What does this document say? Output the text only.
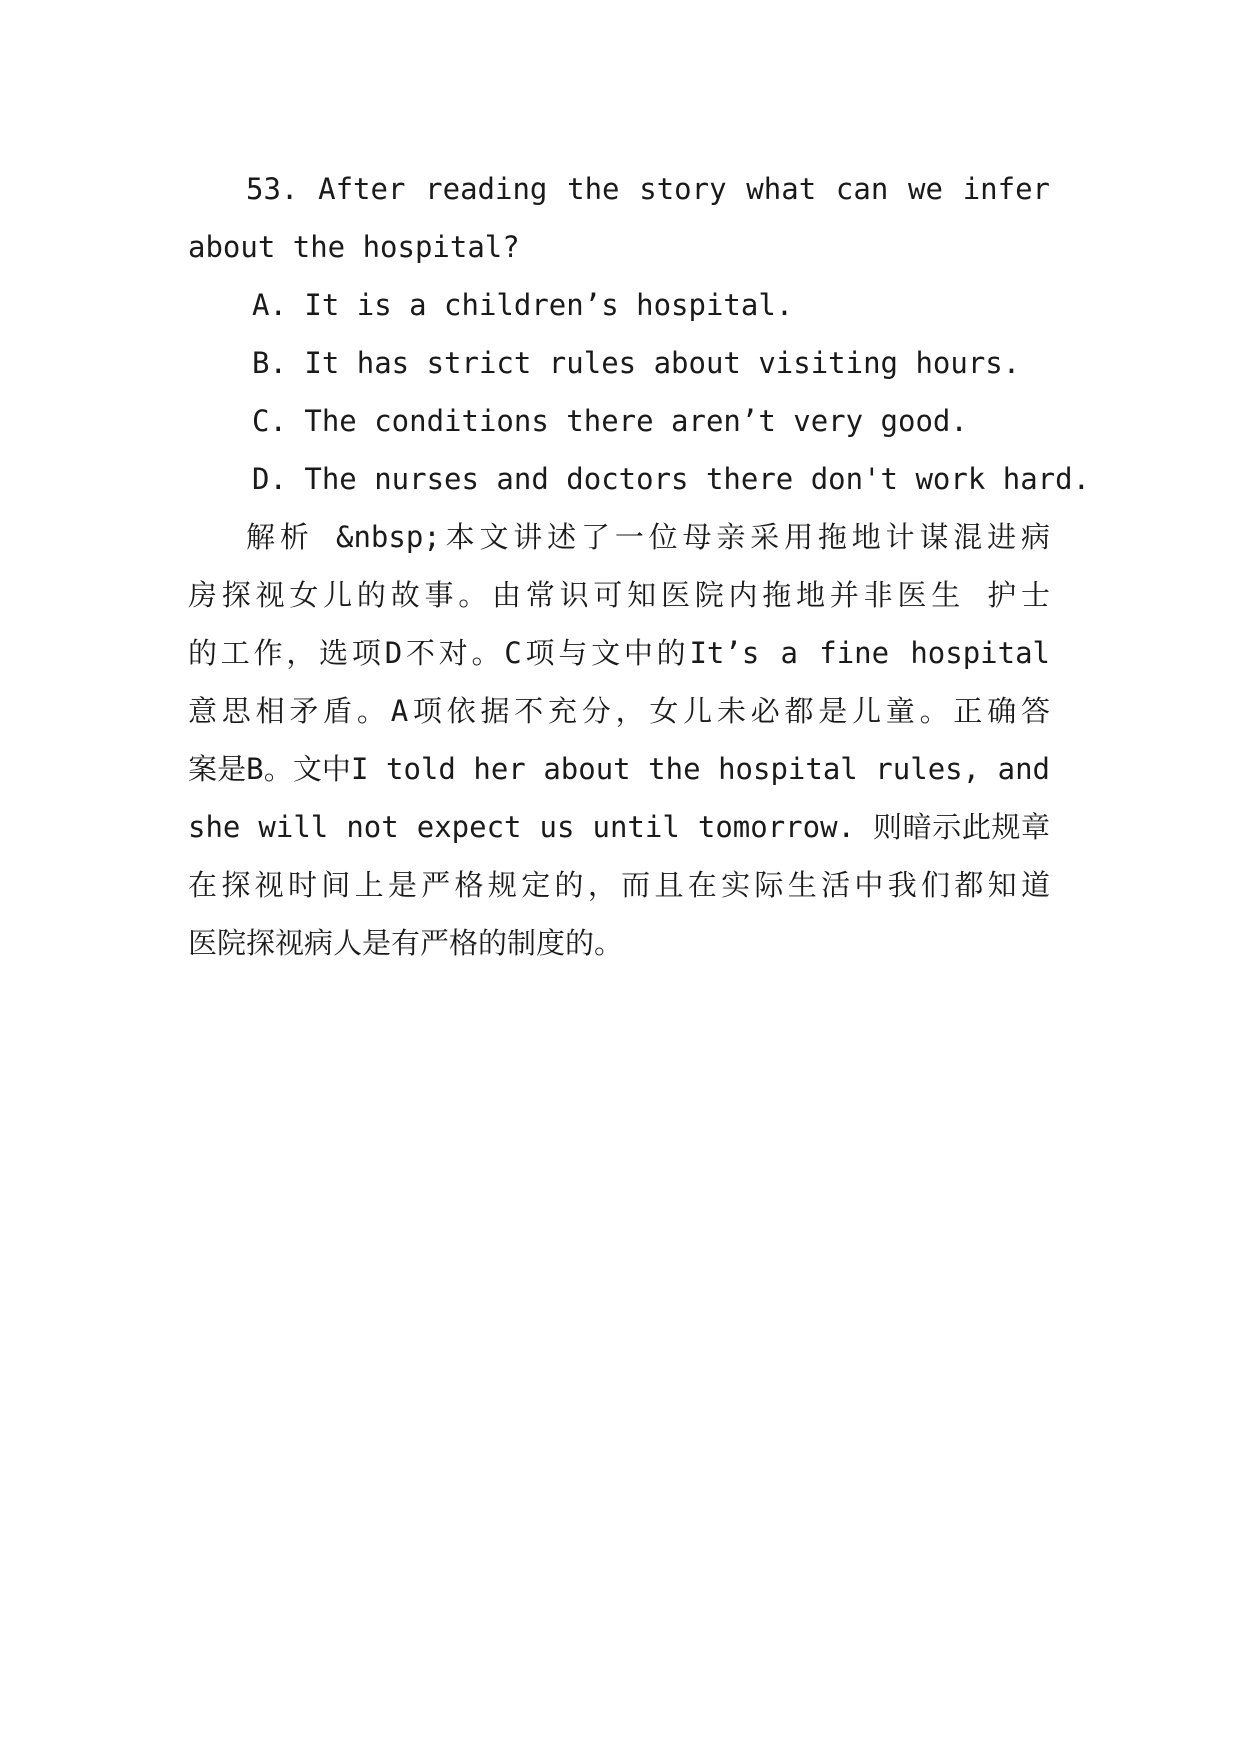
53. After reading the story what can we infer
about the hospital?
A. It is a children’s hospital.
B. It has strict rules about visiting hours.
C. The conditions there aren’t very good.
D. The nurses and doctors there don't work hard.
解析 &nbsp;本文讲述了一位母亲采用拖地计谋混进病
房探视女儿的故事。由常识可知医院内拖地并非医生 护士
的工作，选项D不对。C项与文中的It’s a fine hospital
意思相矛盾。A项依据不充分，女儿未必都是儿童。正确答
案是B。文中I told her about the hospital rules, and
she will not expect us until tomorrow. 则暗示此规章
在探视时间上是严格规定的，而且在实际生活中我们都知道
医院探视病人是有严格的制度的。
